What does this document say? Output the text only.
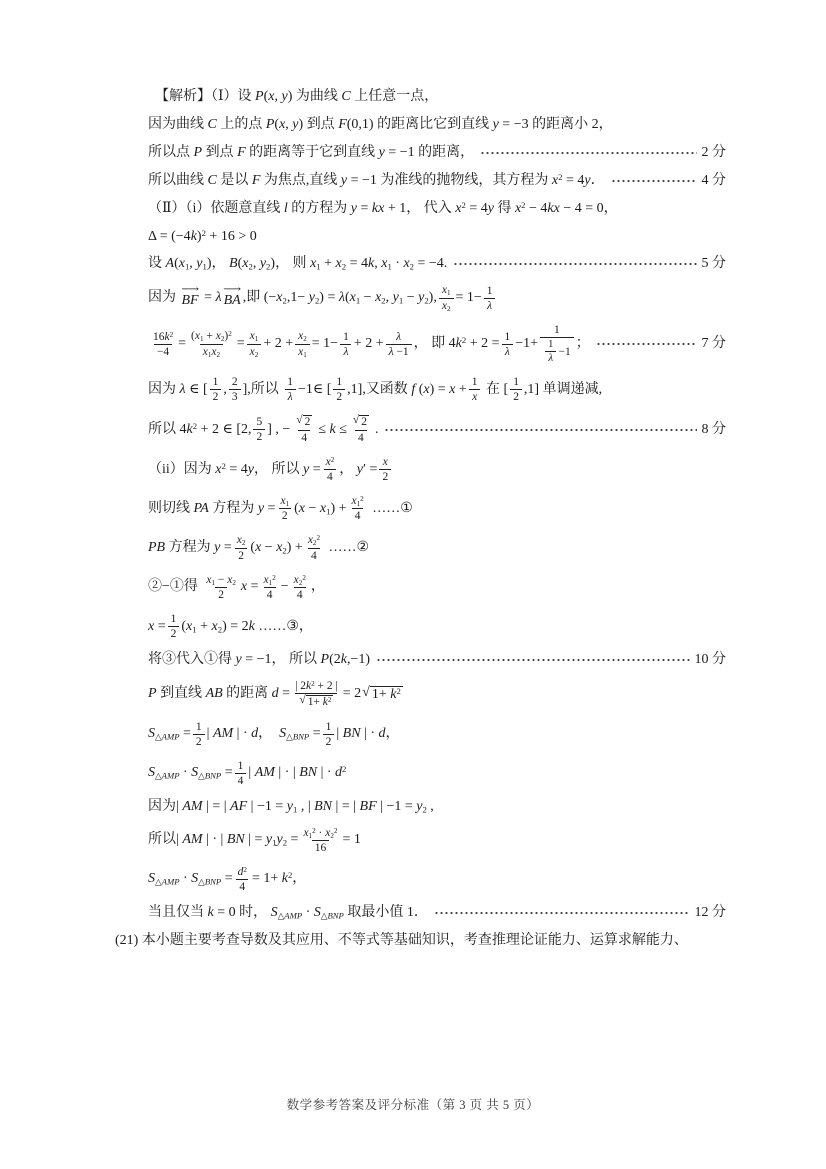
【解析】（Ⅰ）设 P(x, y) 为曲线 C 上任意一点，
因为曲线 C 上的点 P(x, y) 到点 F(0,1) 的距离比它到直线 y = −3 的距离小 2，
所以点 P 到点 F 的距离等于它到直线 y = −1 的距离，	2 分
所以曲线 C 是以 F 为焦点,直线 y = −1 为准线的抛物线，其方程为 $x^2 = 4y$ ．	4 分
（Ⅱ）（i）依题意直线 l 的方程为 y = kx + 1 ， 代入 $x^2 = 4y$ 得 $x^2 - 4kx - 4 = 0$ ，
$\Delta = (-4k)^2 + 16 > 0$
设 $A(x_1$, $y_1$) ， $B(x_2$, $y_2$) ， 则 $x_1 + x_2 = 4k$, $x_1 \cdot x_2 = -4$.	5 分
因为
⟶
BF = λ
⟶
BA ,即 $(-x_2,1- y_2) = \lambda(x_1 - x_2$, $y_1 - y_2$), $\frac{x_1}{x_2} = 1- \frac{1}{\lambda}$
$\frac{16k^2}{-4} = \frac{(x_1 + x_2)^2}{x_1x_2} = \frac{x_1}{x_2} + 2 + \frac{x_2}{x_1} = 1- \frac{1}{\lambda} + 2 + \frac{\lambda}{\lambda -1}$ ， 即 $4k^2 + 2 = \frac{1}{\lambda} -1+ \frac{1}{\frac{1}{\lambda} -1}$ ；	7 分
因为 λ ∈ [ $\frac{1}{2}$ , $\frac{2}{3}$ ] ,所以 $\frac{1}{\lambda}$ −1∈ [ $\frac{1}{2} ,1$] ,又函数 f $(x) = x + \frac{1}{x}$ 在 [ $\frac{1}{2} ,1$] 单调递减,
所以 $4k^2 + 2$ ∈ [2, $\frac{5}{2}$ ] , − $\frac{√ 2}{4} \le k \le \frac{√ 2}{4}$ .	8 分
（ii）因为 $x^2 = 4y$ ， 所以 $y = \frac{x^2}{4}$ ， $y' = \frac{x}{2}$
则切线 PA 方程为 $y = \frac{x_1}{2} (x - x_1) + \frac{x_1^2}{4}$ ……①
PB 方程为 $y = \frac{x_2}{2} (x - x_2) + \frac{x_2^2}{4}$ ……②
②−①得 $\frac{x_1 - x_2}{2}$ $x = \frac{x_1^2}{4} - \frac{x_2^2}{4}$ ，
$x = \frac{1}{2} (x_1 + x_2) = 2k$ ……③，
将③代入①得 y = −1 ， 所以 P(2k,−1)	10 分
P 到直线 AB 的距离 $d = \frac{| 2k^2 + 2 |}{√ 1+ k^2} = 2$ √ $1+ k^2$
$S_{\triangle AMP} = \frac{1}{2}$ | AM | · d ， $S_{\triangle BNP} = \frac{1}{2}$ | BN | · d ，
$S_{\triangle AMP} \cdot S_{\triangle BNP} = \frac{1}{4}$ | AM | · | BN | · $d^2$
因为 | AM | = | AF | $-1 = y_1$ , | BN | = | BF | $-1 = y_2$ ,
所以 | AM | · | BN | = $y_1y_2 = \frac{x_1^2 \cdot x_2^2}{16} = 1$
$S_{\triangle AMP} \cdot S_{\triangle BNP} = \frac{d^2}{4} = 1+ k^2$ ，
当且仅当 k = 0 时， $S_{\triangle AMP} \cdot S_{\triangle BNP}$ 取最小值 1．	12 分
(21) 本小题主要考查导数及其应用、不等式等基础知识，考查推理论证能力、运算求解能力、
数学参考答案及评分标准（第 3 页 共 5 页）
